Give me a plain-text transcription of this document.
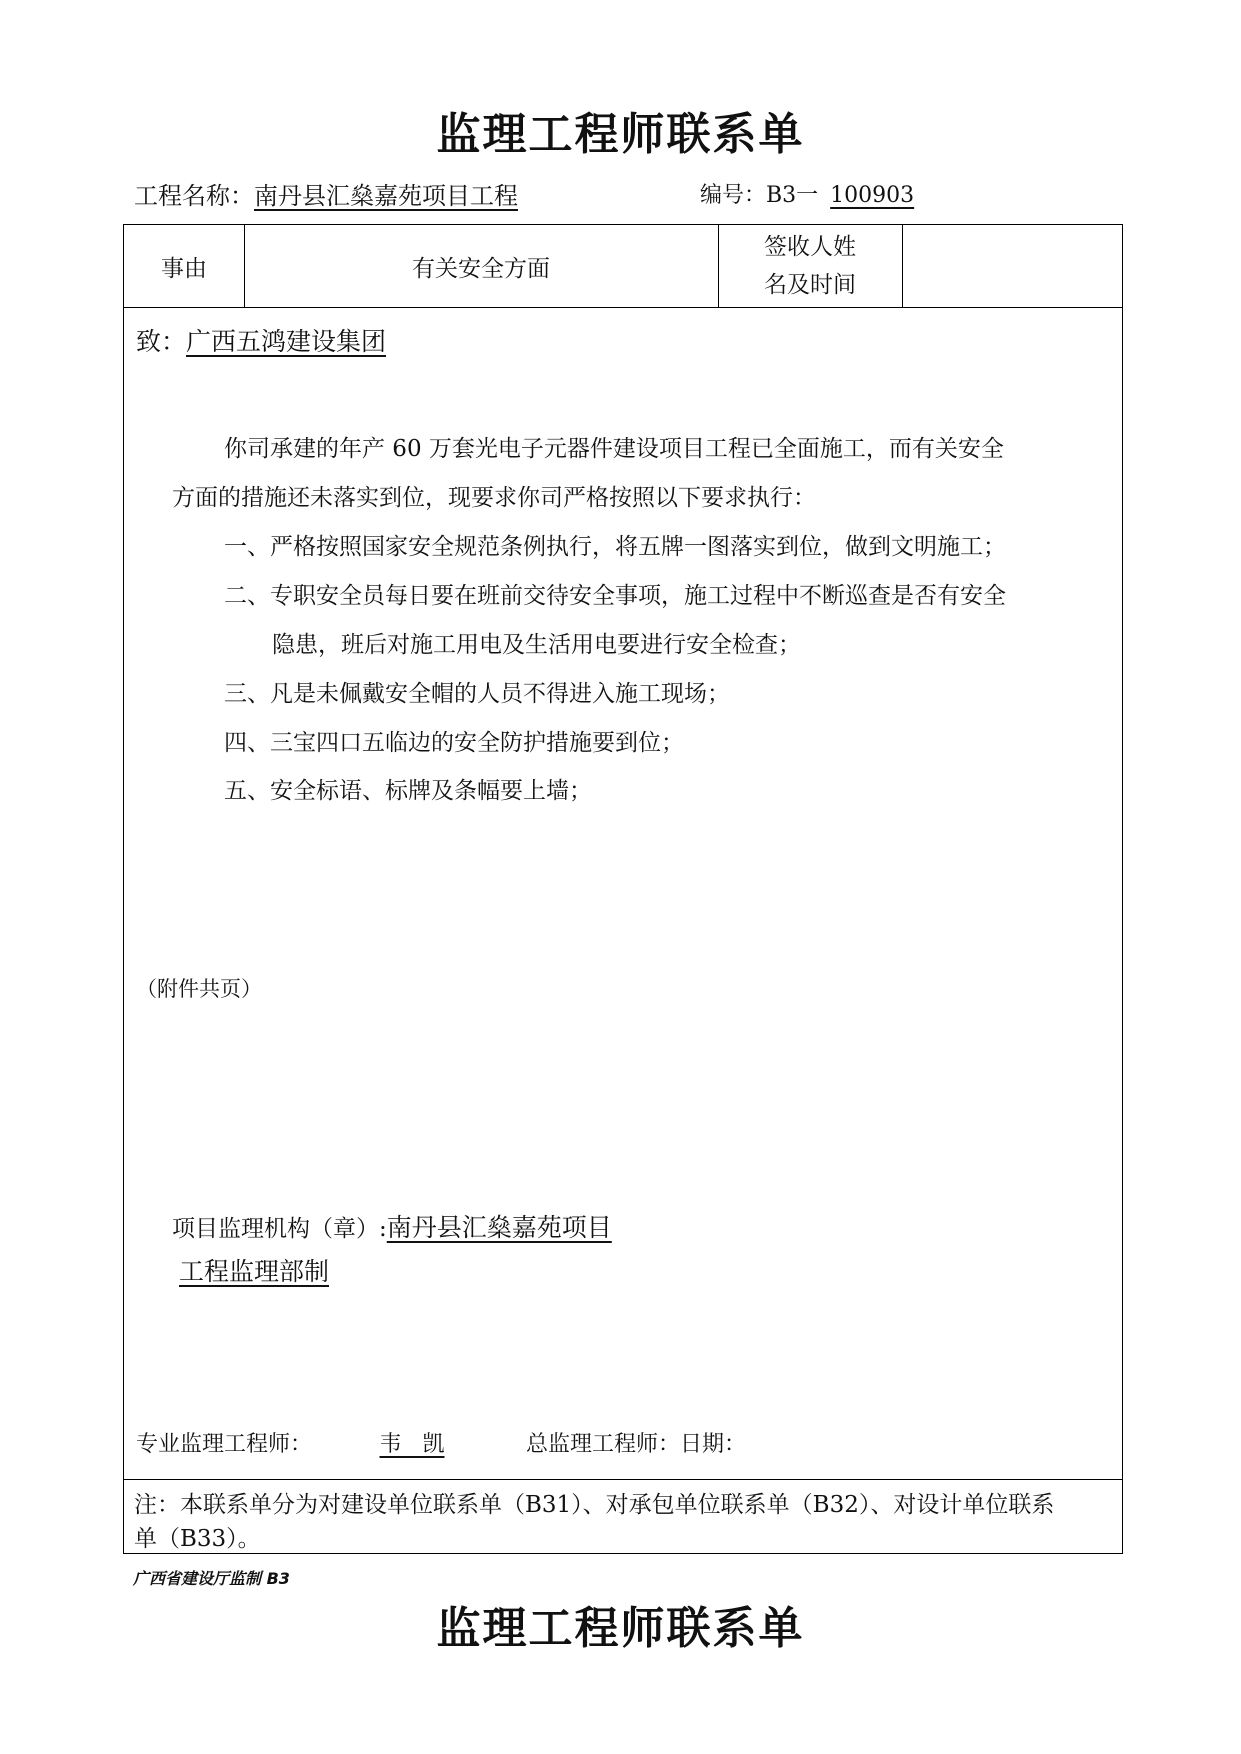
监理工程师联系单
工程名称：南丹县汇燊嘉苑项目工程	编号：B3一 100903
事由	有关安全方面
签收人姓
名及时间
致：广西五鸿建设集团
你司承建的年产 60 万套光电子元器件建设项目工程已全面施工，而有关安全
方面的措施还未落实到位，现要求你司严格按照以下要求执行：
一、严格按照国家安全规范条例执行，将五牌一图落实到位，做到文明施工；
二、专职安全员每日要在班前交待安全事项，施工过程中不断巡查是否有安全
隐患，班后对施工用电及生活用电要进行安全检查；
三、凡是未佩戴安全帽的人员不得进入施工现场；
四、三宝四口五临边的安全防护措施要到位；
五、安全标语、标牌及条幅要上墙；
（附件共页）
项目监理机构（章）:南丹县汇燊嘉苑项目
工程监理部制
专业监理工程师：	韦   凯	总监理工程师：日期：
注：本联系单分为对建设单位联系单（B31）、对承包单位联系单（B32）、对设计单位联系
单（B33）。
广西省建设厅监制 B3
监理工程师联系单
